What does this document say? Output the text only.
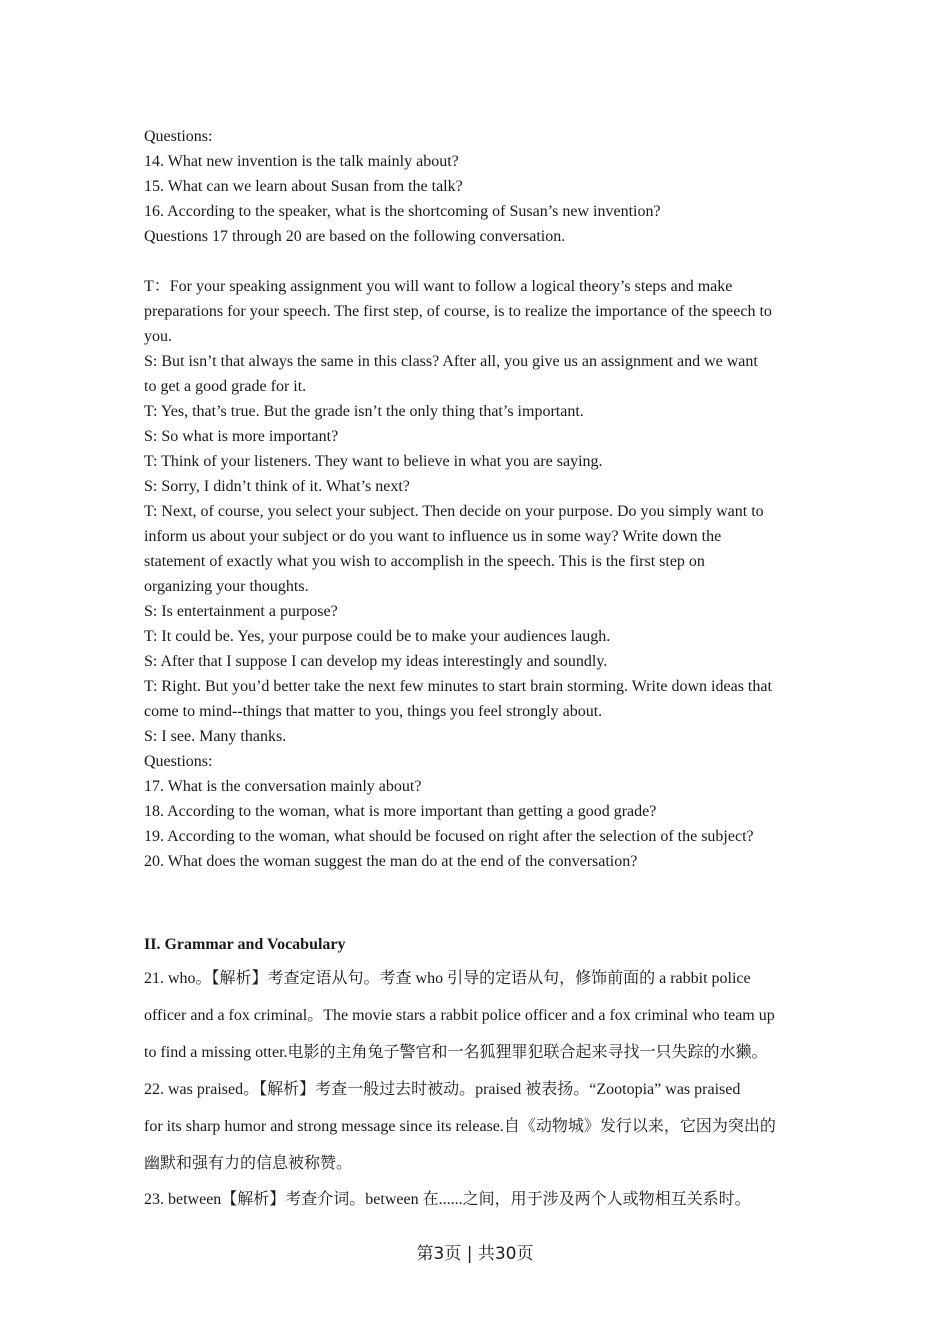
Questions:
14. What new invention is the talk mainly about?
15. What can we learn about Susan from the talk?
16. According to the speaker, what is the shortcoming of Susan’s new invention?
Questions 17 through 20 are based on the following conversation.
T：For your speaking assignment you will want to follow a logical theory’s steps and make
preparations for your speech. The first step, of course, is to realize the importance of the speech to
you.
S: But isn’t that always the same in this class? After all, you give us an assignment and we want
to get a good grade for it.
T: Yes, that’s true. But the grade isn’t the only thing that’s important.
S: So what is more important?
T: Think of your listeners. They want to believe in what you are saying.
S: Sorry, I didn’t think of it. What’s next?
T: Next, of course, you select your subject. Then decide on your purpose. Do you simply want to
inform us about your subject or do you want to influence us in some way? Write down the
statement of exactly what you wish to accomplish in the speech. This is the first step on
organizing your thoughts.
S: Is entertainment a purpose?
T: It could be. Yes, your purpose could be to make your audiences laugh.
S: After that I suppose I can develop my ideas interestingly and soundly.
T: Right. But you’d better take the next few minutes to start brain storming. Write down ideas that
come to mind--things that matter to you, things you feel strongly about.
S: I see. Many thanks.
Questions:
17. What is the conversation mainly about?
18. According to the woman, what is more important than getting a good grade?
19. According to the woman, what should be focused on right after the selection of the subject?
20. What does the woman suggest the man do at the end of the conversation?
II. Grammar and Vocabulary
21. who。【解析】考查定语从句。考查 who 引导的定语从句，修饰前面的 a rabbit police
officer and a fox criminal。The movie stars a rabbit police officer and a fox criminal who team up
to find a missing otter.电影的主角兔子警官和一名狐狸罪犯联合起来寻找一只失踪的水獭。
22. was praised。【解析】考查一般过去时被动。praised 被表扬。“Zootopia” was praised
for its sharp humor and strong message since its release.自《动物城》发行以来，它因为突出的
幽默和强有力的信息被称赞。
23. between【解析】考查介词。between 在......之间，用于涉及两个人或物相互关系时。
第3页 | 共30页
